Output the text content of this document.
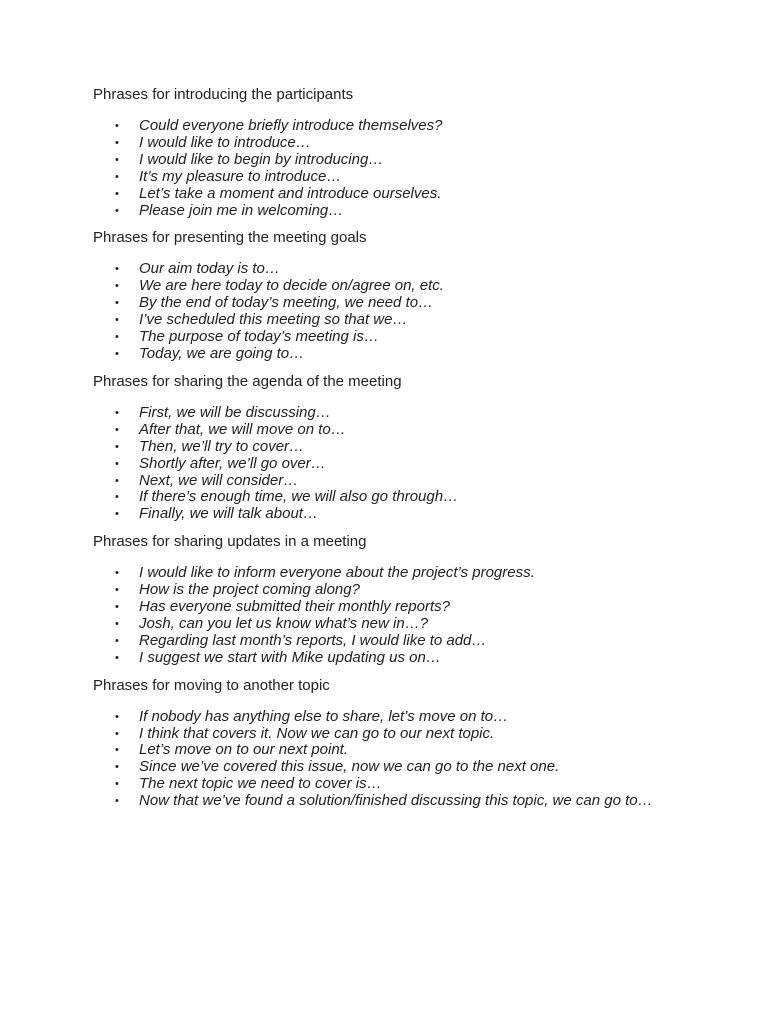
Phrases for introducing the participants

• Could everyone briefly introduce themselves?
• I would like to introduce…
• I would like to begin by introducing…
• It’s my pleasure to introduce…
• Let’s take a moment and introduce ourselves.
• Please join me in welcoming…

Phrases for presenting the meeting goals

• Our aim today is to…
• We are here today to decide on/agree on, etc.
• By the end of today’s meeting, we need to…
• I’ve scheduled this meeting so that we…
• The purpose of today’s meeting is…
• Today, we are going to…

Phrases for sharing the agenda of the meeting

• First, we will be discussing…
• After that, we will move on to…
• Then, we’ll try to cover…
• Shortly after, we’ll go over…
• Next, we will consider…
• If there’s enough time, we will also go through…
• Finally, we will talk about…

Phrases for sharing updates in a meeting

• I would like to inform everyone about the project’s progress.
• How is the project coming along?
• Has everyone submitted their monthly reports?
• Josh, can you let us know what’s new in…?
• Regarding last month’s reports, I would like to add…
• I suggest we start with Mike updating us on…

Phrases for moving to another topic

• If nobody has anything else to share, let’s move on to…
• I think that covers it. Now we can go to our next topic.
• Let’s move on to our next point.
• Since we’ve covered this issue, now we can go to the next one.
• The next topic we need to cover is…
• Now that we’ve found a solution/finished discussing this topic, we can go to…
